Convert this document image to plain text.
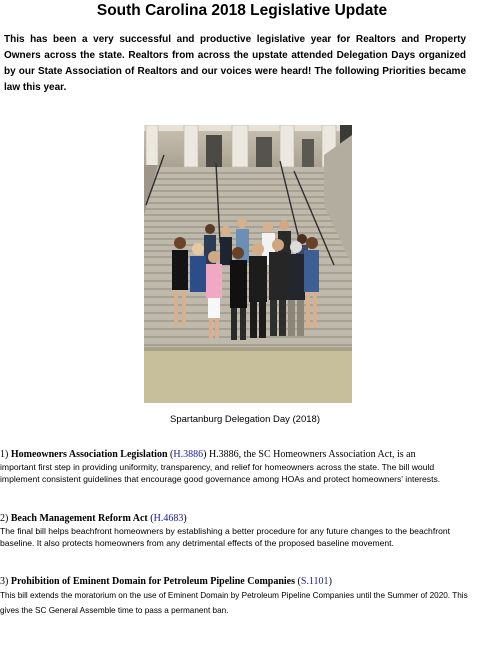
South Carolina 2018 Legislative Update

This has been a very successful and productive legislative year for Realtors and Property Owners across the state. Realtors from across the upstate attended Delegation Days organized by our State Association of Realtors and our voices were heard! The following Priorities became law this year.

Spartanburg Delegation Day (2018)
1) Homeowners Association Legislation (H.3886) H.3886, the SC Homeowners Association Act, is an
important first step in providing uniformity, transparency, and relief for homeowners across the state. The bill would implement consistent guidelines that encourage good governance among HOAs and protect homeowners' interests.
2) Beach Management Reform Act (H.4683)
The final bill helps beachfront homeowners by establishing a better procedure for any future changes to the beachfront baseline. It also protects homeowners from any detrimental effects of the proposed baseline movement.
3) Prohibition of Eminent Domain for Petroleum Pipeline Companies (S.1101)
This bill extends the moratorium on the use of Eminent Domain by Petroleum Pipeline Companies until the Summer of 2020. This gives the SC General Assemble time to pass a permanent ban.
